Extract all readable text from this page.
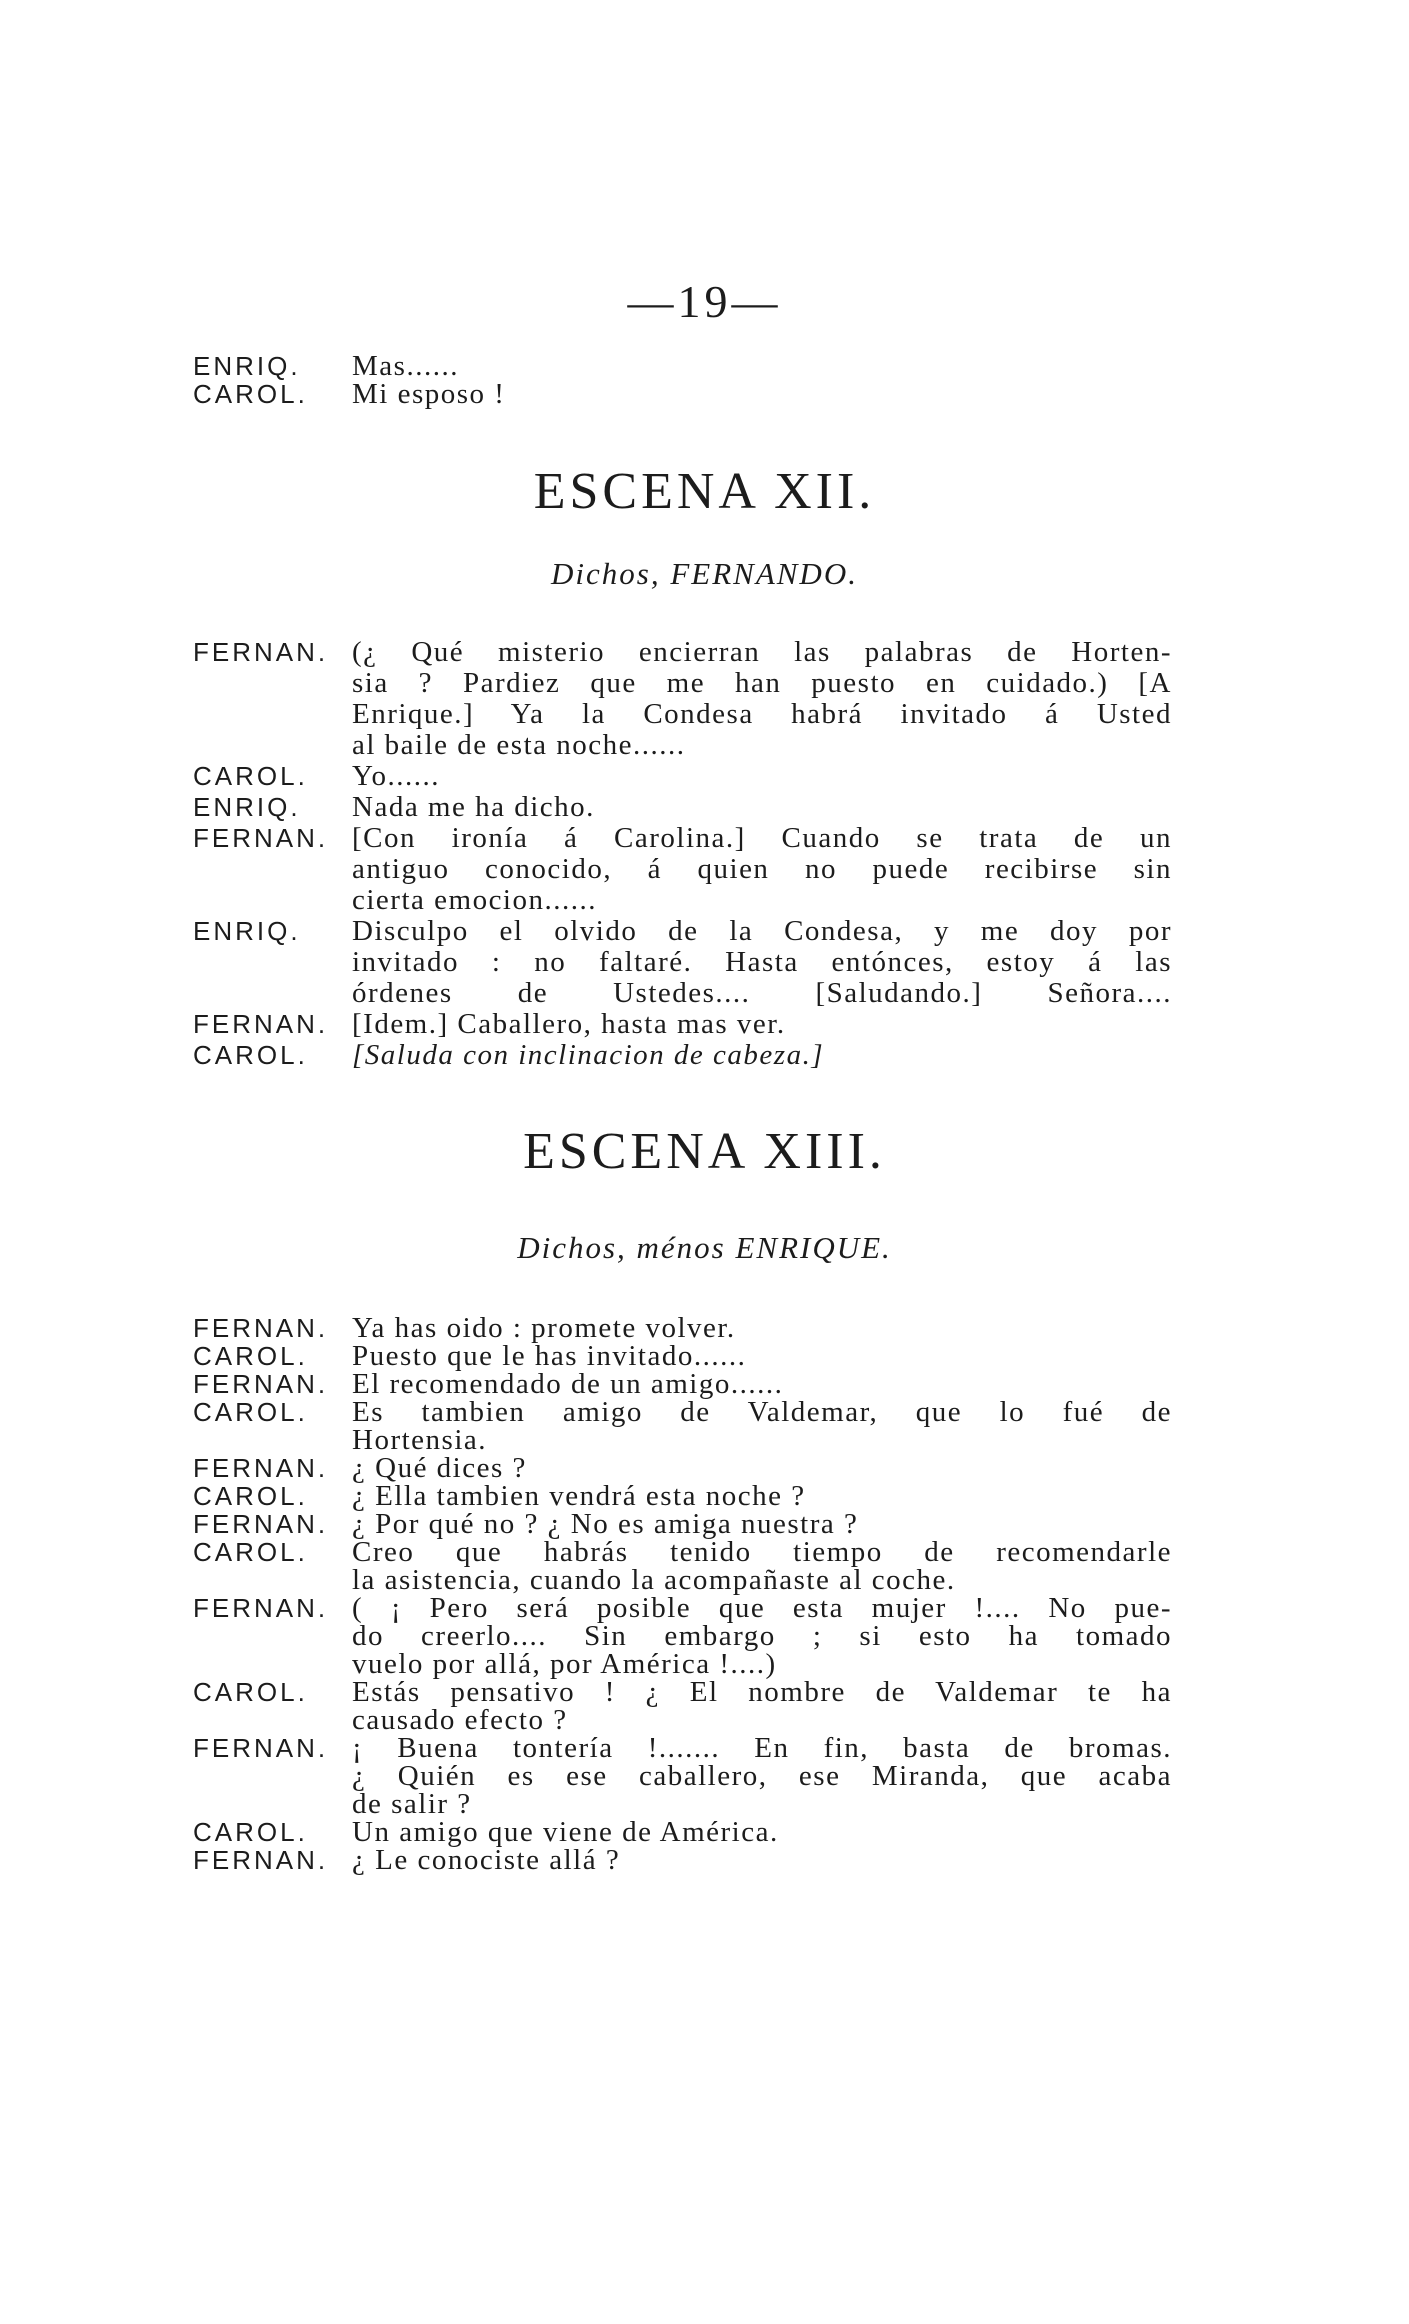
—19—
ENRIQ. Mas......
CAROL. Mi esposo !
ESCENA XII.
Dichos, FERNANDO.
FERNAN. (¿ Qué misterio encierran las palabras de Horten-
sia ? Pardiez que me han puesto en cuidado.) [A
Enrique.] Ya la Condesa habrá invitado á Usted
al baile de esta noche......
CAROL. Yo......
ENRIQ. Nada me ha dicho.
FERNAN. [Con ironía á Carolina.] Cuando se trata de un
antiguo conocido, á quien no puede recibirse sin
cierta emocion......
ENRIQ. Disculpo el olvido de la Condesa, y me doy por
invitado : no faltaré. Hasta entónces, estoy á las
órdenes de Ustedes.... [Saludando.] Señora....
FERNAN. [Idem.] Caballero, hasta mas ver.
CAROL. [Saluda con inclinacion de cabeza.]
ESCENA XIII.
Dichos, ménos ENRIQUE.
FERNAN. Ya has oido : promete volver.
CAROL. Puesto que le has invitado......
FERNAN. El recomendado de un amigo......
CAROL. Es tambien amigo de Valdemar, que lo fué de
Hortensia.
FERNAN. ¿ Qué dices ?
CAROL. ¿ Ella tambien vendrá esta noche ?
FERNAN. ¿ Por qué no ? ¿ No es amiga nuestra ?
CAROL. Creo que habrás tenido tiempo de recomendarle
la asistencia, cuando la acompañaste al coche.
FERNAN. ( ¡ Pero será posible que esta mujer !.... No pue-
do creerlo.... Sin embargo ; si esto ha tomado
vuelo por allá, por América !....)
CAROL. Estás pensativo ! ¿ El nombre de Valdemar te ha
causado efecto ?
FERNAN. ¡ Buena tontería !....... En fin, basta de bromas.
¿ Quién es ese caballero, ese Miranda, que acaba
de salir ?
CAROL. Un amigo que viene de América.
FERNAN. ¿ Le conociste allá ?
